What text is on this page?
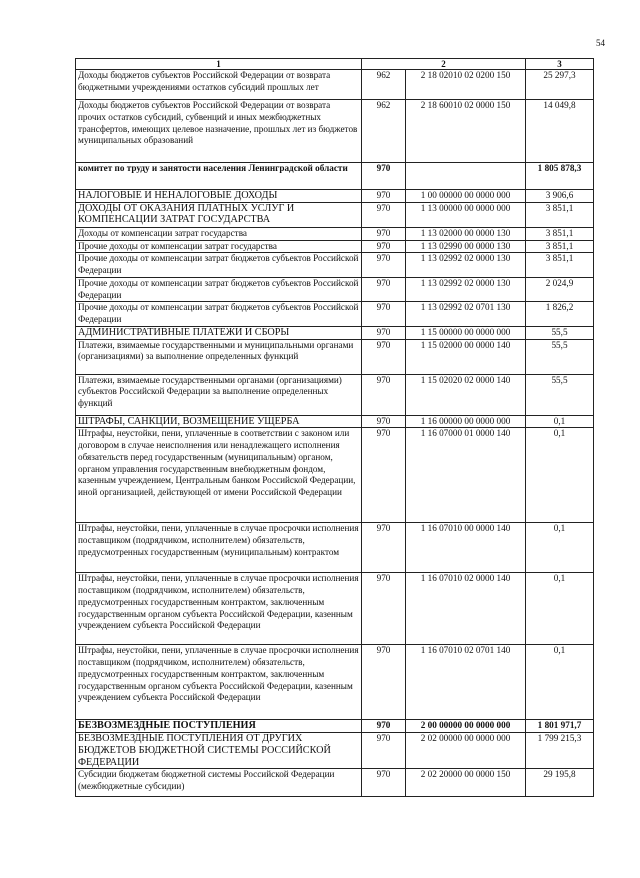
54
1	2		3
Доходы бюджетов субъектов Российской Федерации от возврата бюджетными учреждениями остатков субсидий прошлых лет	962	2 18 02010 02 0200 150	25 297,3
Доходы бюджетов субъектов Российской Федерации от возврата прочих остатков субсидий, субвенций и иных межбюджетных трансфертов, имеющих целевое назначение, прошлых лет из бюджетов муниципальных образований	962	2 18 60010 02 0000 150	14 049,8
комитет по труду и занятости населения Ленинградской области	970		1 805 878,3
НАЛОГОВЫЕ И НЕНАЛОГОВЫЕ ДОХОДЫ	970	1 00 00000 00 0000 000	3 906,6
ДОХОДЫ ОТ ОКАЗАНИЯ ПЛАТНЫХ УСЛУГ И КОМПЕНСАЦИИ ЗАТРАТ ГОСУДАРСТВА	970	1 13 00000 00 0000 000	3 851,1
Доходы от компенсации затрат государства	970	1 13 02000 00 0000 130	3 851,1
Прочие доходы от компенсации затрат государства	970	1 13 02990 00 0000 130	3 851,1
Прочие доходы от компенсации затрат бюджетов субъектов Российской Федерации	970	1 13 02992 02 0000 130	3 851,1
Прочие доходы от компенсации затрат бюджетов субъектов Российской Федерации	970	1 13 02992 02 0000 130	2 024,9
Прочие доходы от компенсации затрат бюджетов субъектов Российской Федерации	970	1 13 02992 02 0701 130	1 826,2
АДМИНИСТРАТИВНЫЕ ПЛАТЕЖИ И СБОРЫ	970	1 15 00000 00 0000 000	55,5
Платежи, взимаемые государственными и муниципальными органами (организациями) за выполнение определенных функций	970	1 15 02000 00 0000 140	55,5
Платежи, взимаемые государственными органами (организациями) субъектов Российской Федерации за выполнение определенных функций	970	1 15 02020 02 0000 140	55,5
ШТРАФЫ, САНКЦИИ, ВОЗМЕЩЕНИЕ УЩЕРБА	970	1 16 00000 00 0000 000	0,1
Штрафы, неустойки, пени, уплаченные в соответствии с законом или договором в случае неисполнения или ненадлежащего исполнения обязательств перед государственным (муниципальным) органом, органом управления государственным внебюджетным фондом, казенным учреждением, Центральным банком Российской Федерации, иной организацией, действующей от имени Российской Федерации	970	1 16 07000 01 0000 140	0,1
Штрафы, неустойки, пени, уплаченные в случае просрочки исполнения поставщиком (подрядчиком, исполнителем) обязательств, предусмотренных государственным (муниципальным) контрактом	970	1 16 07010 00 0000 140	0,1
Штрафы, неустойки, пени, уплаченные в случае просрочки исполнения поставщиком (подрядчиком, исполнителем) обязательств, предусмотренных государственным контрактом, заключенным государственным органом субъекта Российской Федерации, казенным учреждением субъекта Российской Федерации	970	1 16 07010 02 0000 140	0,1
Штрафы, неустойки, пени, уплаченные в случае просрочки исполнения поставщиком (подрядчиком, исполнителем) обязательств, предусмотренных государственным контрактом, заключенным государственным органом субъекта Российской Федерации, казенным учреждением субъекта Российской Федерации	970	1 16 07010 02 0701 140	0,1
БЕЗВОЗМЕЗДНЫЕ ПОСТУПЛЕНИЯ	970	2 00 00000 00 0000 000	1 801 971,7
БЕЗВОЗМЕЗДНЫЕ ПОСТУПЛЕНИЯ ОТ ДРУГИХ БЮДЖЕТОВ БЮДЖЕТНОЙ СИСТЕМЫ РОССИЙСКОЙ ФЕДЕРАЦИИ	970	2 02 00000 00 0000 000	1 799 215,3
Субсидии бюджетам бюджетной системы Российской Федерации (межбюджетные субсидии)	970	2 02 20000 00 0000 150	29 195,8
